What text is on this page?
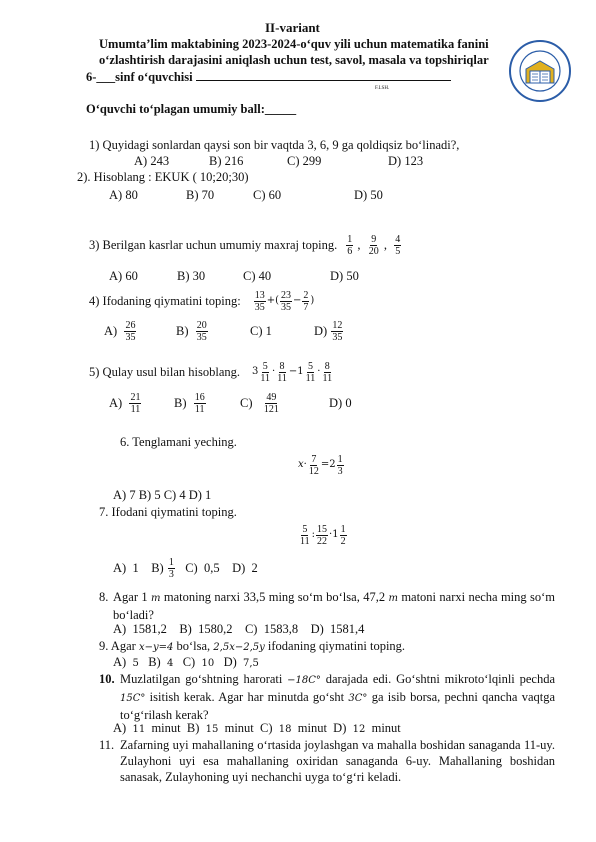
II-variant
Umumta’lim maktabining 2023-2024-o‘quv yili uchun matematika fanini
o‘zlashtirish darajasini aniqlash uchun test, savol, masala va topshiriqlar
6-___sinf o‘quvchisi
F.I.SH.
O‘quvchi to‘plagan umumiy ball:_____
1) Quyidagi sonlardan qaysi son bir vaqtda 3, 6, 9 ga qoldiqsiz bo‘linadi?,
A) 243	B) 216	C) 299	D) 123
2). Hisoblang : EKUK ( 10;20;30)
A) 80	B) 70	C) 60	D) 50
3) Berilgan kasrlar uchun umumiy maxraj toping. $\frac{1}{6}$ , $\frac{9}{20}$ , $\frac{4}{5}$
A) 60	B) 30	C) 40	D) 50
4) Ifodaning qiymatini toping: $\frac{13}{35}$ +( $\frac{23}{35} - \frac{2}{7}$ )
A)
$\frac{26}{35}$	B)
$\frac{20}{35}$	C) 1	D)
$\frac{12}{35}$
5) Qulay usul bilan hisoblang. $3 \frac{5}{11} \cdot \frac{8}{11} - 1 \frac{5}{11} \cdot \frac{8}{11}$
A)
$\frac{21}{11}$	B)
$\frac{16}{11}$	C)
$\frac{49}{121}$	D) 0
6. Tenglamani yeching.
$x \cdot \frac{7}{12} = 2 \frac{1}{3}$
A) 7 B) 5 C) 4 D) 1
7. Ifodani qiymatini toping.
$\frac{5}{11}$ : $\frac{15}{22} \cdot 1 \frac{1}{2}$
A)  1    B)
$\frac{1}{3}$
C)  0,5    D)  2
8. Agar 1 m matoning narxi 33,5 ming so‘m bo‘lsa, 47,2 m matoni narxi necha ming so‘m bo‘ladi?
A)  1581,2    B)  1580,2    C)  1583,8    D)  1581,4
9. Agar x−y=4 bo‘lsa, 2,5x−2,5y ifodaning qiymatini toping.
A) 5 B) 4 C) 10 D) 7,5
10. Muzlatilgan go‘shtning harorati −18C° darajada edi. Go‘shtni mikroto‘lqinli pechda 15C° isitish kerak. Agar har minutda go‘sht 3C° ga isib borsa, pechni qancha vaqtga to‘g‘rilash kerak?
A) 11 minut  B) 15 minut  C) 18 minut  D) 12 minut
11. Zafarning uyi mahallaning o‘rtasida joylashgan va mahalla boshidan sanaganda 11-uy. Zulayhoni uyi esa mahallaning oxiridan sanaganda 6-uy. Mahallaning boshidan sanasak, Zulayhoning uyi nechanchi uyga to‘g‘ri keladi.
